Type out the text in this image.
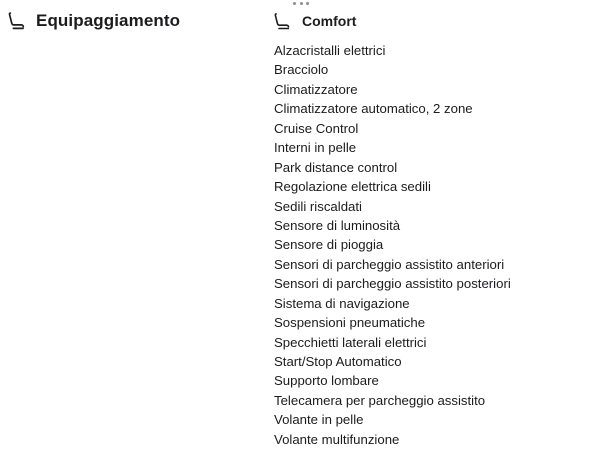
Equipaggiamento	Comfort
Alzacristalli elettrici
Bracciolo
Climatizzatore
Climatizzatore automatico, 2 zone
Cruise Control
Interni in pelle
Park distance control
Regolazione elettrica sedili
Sedili riscaldati
Sensore di luminosità
Sensore di pioggia
Sensori di parcheggio assistito anteriori
Sensori di parcheggio assistito posteriori
Sistema di navigazione
Sospensioni pneumatiche
Specchietti laterali elettrici
Start/Stop Automatico
Supporto lombare
Telecamera per parcheggio assistito
Volante in pelle
Volante multifunzione
